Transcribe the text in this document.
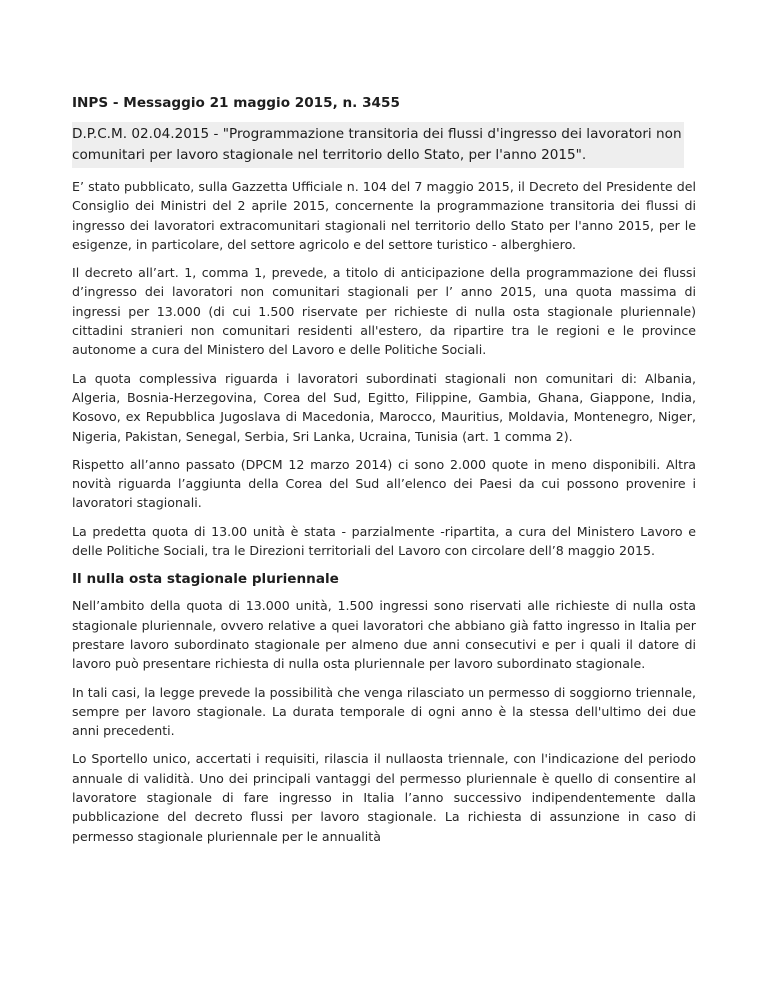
INPS - Messaggio 21 maggio 2015, n. 3455
D.P.C.M. 02.04.2015 - "Programmazione transitoria dei flussi d'ingresso dei lavoratori non comunitari per lavoro stagionale nel territorio dello Stato, per l'anno 2015".

E’ stato pubblicato, sulla Gazzetta Ufficiale n. 104 del 7 maggio 2015, il Decreto del Presidente del Consiglio dei Ministri del 2 aprile 2015, concernente la programmazione transitoria dei flussi di ingresso dei lavoratori extracomunitari stagionali nel territorio dello Stato per l'anno 2015, per le esigenze, in particolare, del settore agricolo e del settore turistico - alberghiero.

Il decreto all’art. 1, comma 1, prevede, a titolo di anticipazione della programmazione dei flussi d’ingresso dei lavoratori non comunitari stagionali per l’ anno 2015, una quota massima di ingressi per 13.000 (di cui 1.500 riservate per richieste di nulla osta stagionale pluriennale) cittadini stranieri non comunitari residenti all'estero, da ripartire tra le regioni e le province autonome a cura del Ministero del Lavoro e delle Politiche Sociali.

La quota complessiva riguarda i lavoratori subordinati stagionali non comunitari di: Albania, Algeria, Bosnia-Herzegovina, Corea del Sud, Egitto, Filippine, Gambia, Ghana, Giappone, India, Kosovo, ex Repubblica Jugoslava di Macedonia, Marocco, Mauritius, Moldavia, Montenegro, Niger, Nigeria, Pakistan, Senegal, Serbia, Sri Lanka, Ucraina, Tunisia (art. 1 comma 2).

Rispetto all’anno passato (DPCM 12 marzo 2014) ci sono 2.000 quote in meno disponibili. Altra novità riguarda l’aggiunta della Corea del Sud all’elenco dei Paesi da cui possono provenire i lavoratori stagionali.

La predetta quota di 13.00 unità è stata - parzialmente -ripartita, a cura del Ministero Lavoro e delle Politiche Sociali, tra le Direzioni territoriali del Lavoro con circolare dell’8 maggio 2015.

Il nulla osta stagionale pluriennale

Nell’ambito della quota di 13.000 unità, 1.500 ingressi sono riservati alle richieste di nulla osta stagionale pluriennale, ovvero relative a quei lavoratori che abbiano già fatto ingresso in Italia per prestare lavoro subordinato stagionale per almeno due anni consecutivi e per i quali il datore di lavoro può presentare richiesta di nulla osta pluriennale per lavoro subordinato stagionale.

In tali casi, la legge prevede la possibilità che venga rilasciato un permesso di soggiorno triennale, sempre per lavoro stagionale. La durata temporale di ogni anno è la stessa dell'ultimo dei due anni precedenti.

Lo Sportello unico, accertati i requisiti, rilascia il nullaosta triennale, con l'indicazione del periodo annuale di validità. Uno dei principali vantaggi del permesso pluriennale è quello di consentire al lavoratore stagionale di fare ingresso in Italia l’anno successivo indipendentemente dalla pubblicazione del decreto flussi per lavoro stagionale. La richiesta di assunzione in caso di permesso stagionale pluriennale per le annualità
